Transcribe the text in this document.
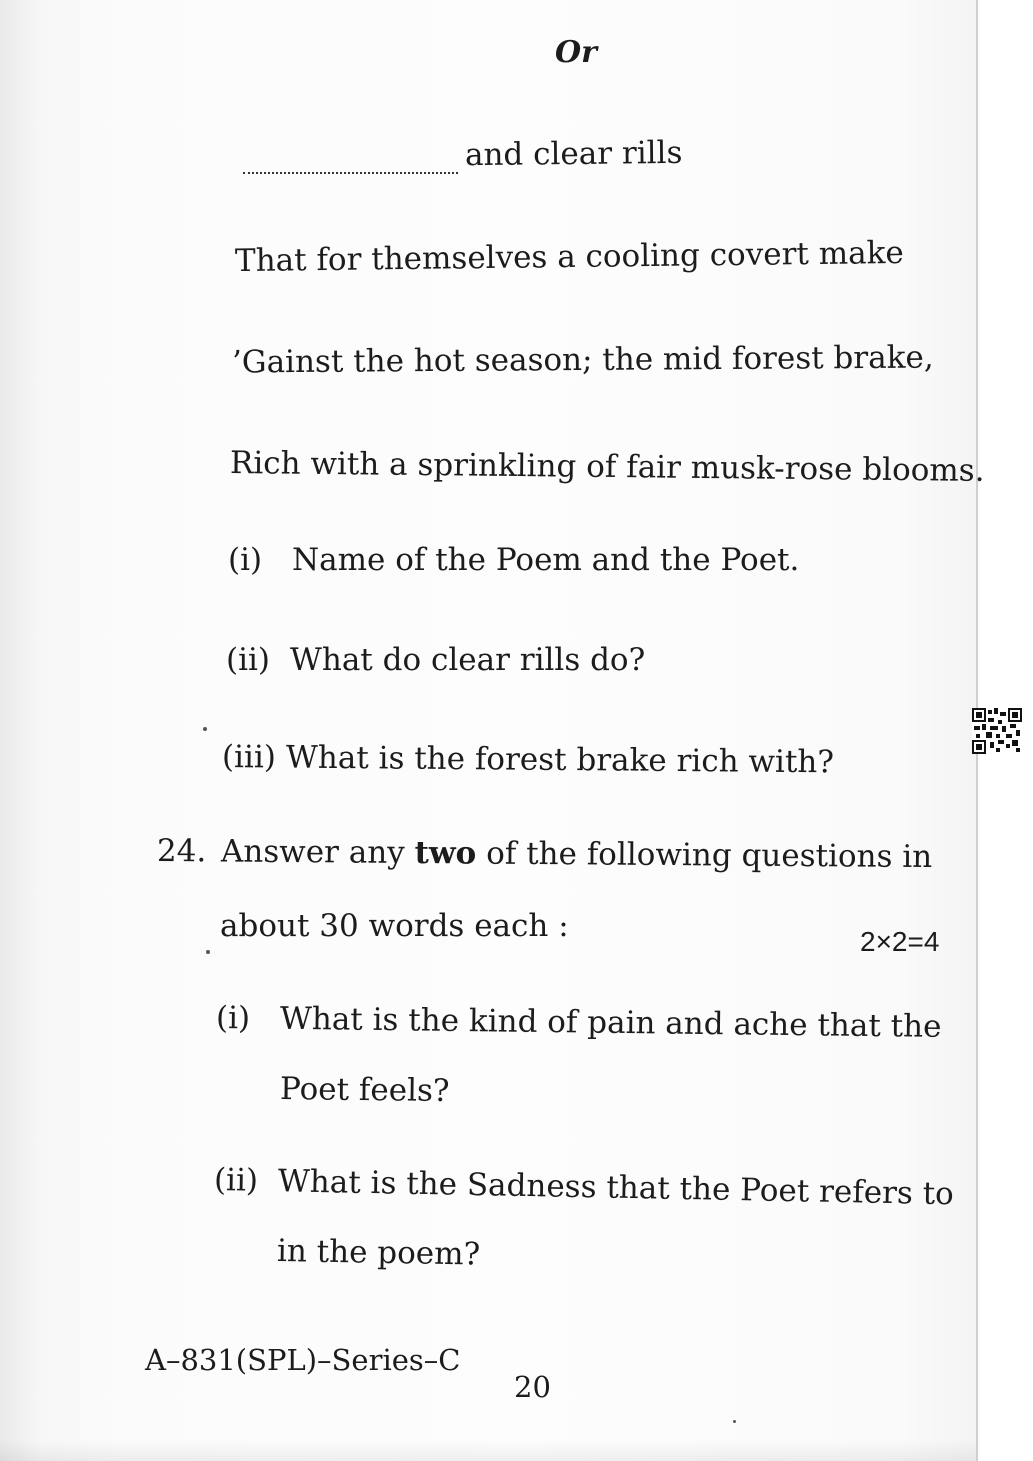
Or
and clear rills
That for themselves a cooling covert make
’Gainst the hot season; the mid forest brake,
Rich with a sprinkling of fair musk-rose blooms.
(i) Name of the Poem and the Poet.
(ii) What do clear rills do?
(iii) What is the forest brake rich with?
24. Answer any two of the following questions in
about 30 words each :	2×2=4
(i) What is the kind of pain and ache that the
Poet feels?
(ii) What is the Sadness that the Poet refers to
in the poem?
A–831(SPL)–Series–C
20
